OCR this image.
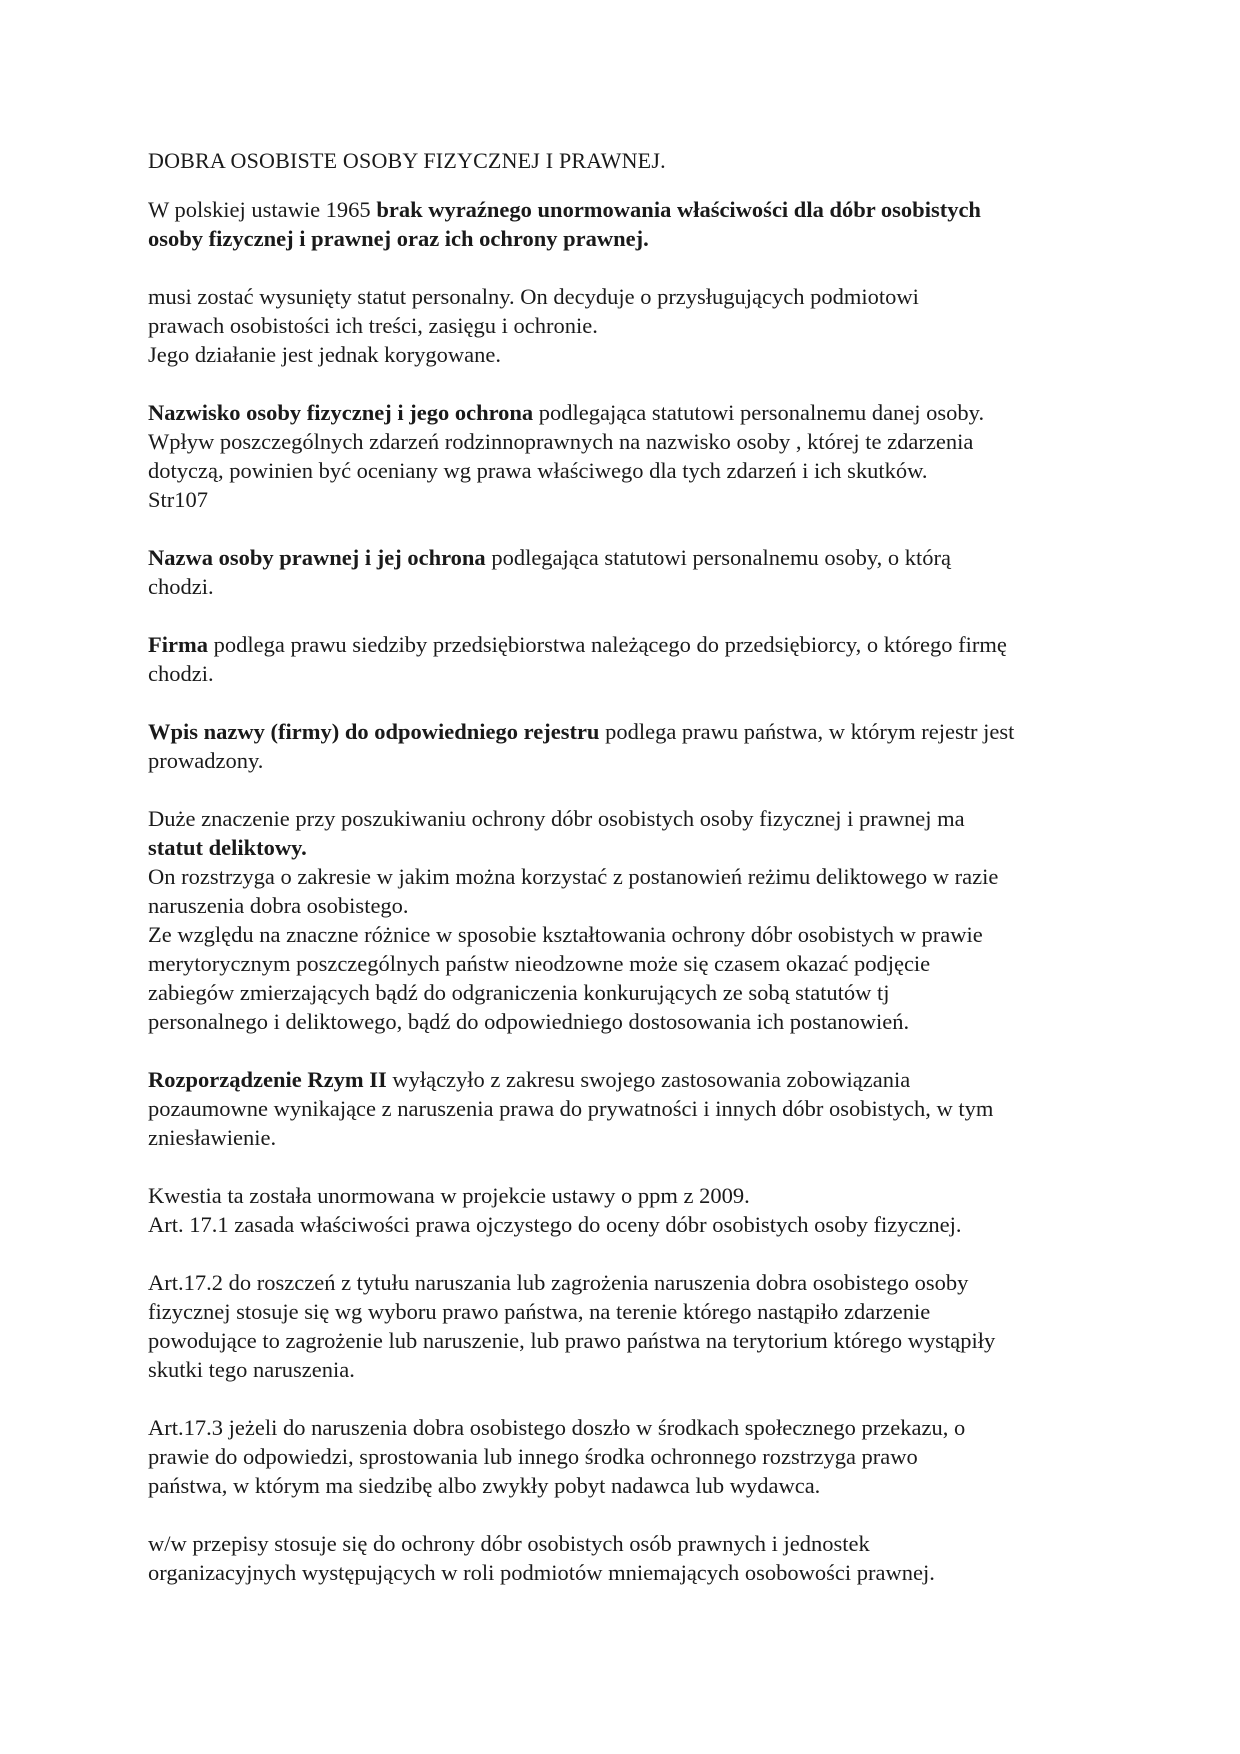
DOBRA OSOBISTE OSOBY FIZYCZNEJ I PRAWNEJ.
W polskiej ustawie 1965 brak wyraźnego unormowania właściwości dla dóbr osobistych osoby fizycznej i prawnej oraz ich ochrony prawnej.
musi zostać wysunięty statut personalny. On decyduje o przysługujących podmiotowi
prawach osobistości ich treści, zasięgu i ochronie.
Jego działanie jest jednak korygowane.
Nazwisko osoby fizycznej i jego ochrona podlegająca statutowi personalnemu danej osoby.
Wpływ poszczególnych zdarzeń rodzinnoprawnych na nazwisko osoby , której te zdarzenia
dotyczą, powinien być oceniany wg prawa właściwego dla tych zdarzeń i ich skutków.
Str107
Nazwa osoby prawnej i jej ochrona podlegająca statutowi personalnemu osoby, o którą chodzi.
Firma podlega prawu siedziby przedsiębiorstwa należącego do przedsiębiorcy, o którego firmę chodzi.
Wpis nazwy (firmy) do odpowiedniego rejestru podlega prawu państwa, w którym rejestr jest prowadzony.
Duże znaczenie przy poszukiwaniu ochrony dóbr osobistych osoby fizycznej i prawnej ma
statut deliktowy.
On rozstrzyga o zakresie w jakim można korzystać z postanowień reżimu deliktowego w razie
naruszenia dobra osobistego.
Ze względu na znaczne różnice w sposobie kształtowania ochrony dóbr osobistych w prawie
merytorycznym poszczególnych państw nieodzowne może się czasem okazać podjęcie
zabiegów zmierzających bądź do odgraniczenia konkurujących ze sobą statutów tj
personalnego i deliktowego, bądź do odpowiedniego dostosowania ich postanowień.
Rozporządzenie Rzym II wyłączyło z zakresu swojego zastosowania zobowiązania
pozaumowne wynikające z naruszenia prawa do prywatności i innych dóbr osobistych, w tym
zniesławienie.
Kwestia ta została unormowana w projekcie ustawy o ppm z 2009.
Art. 17.1 zasada właściwości prawa ojczystego do oceny dóbr osobistych osoby fizycznej.
Art.17.2 do roszczeń z tytułu naruszania lub zagrożenia naruszenia dobra osobistego osoby
fizycznej stosuje się wg wyboru prawo państwa, na terenie którego nastąpiło zdarzenie
powodujące to zagrożenie lub naruszenie, lub prawo państwa na terytorium którego wystąpiły
skutki tego naruszenia.
Art.17.3 jeżeli do naruszenia dobra osobistego doszło w środkach społecznego przekazu, o
prawie do odpowiedzi, sprostowania lub innego środka ochronnego rozstrzyga prawo
państwa, w którym ma siedzibę albo zwykły pobyt nadawca lub wydawca.
w/w przepisy stosuje się do ochrony dóbr osobistych osób prawnych i jednostek
organizacyjnych występujących w roli podmiotów mniemających osobowości prawnej.
